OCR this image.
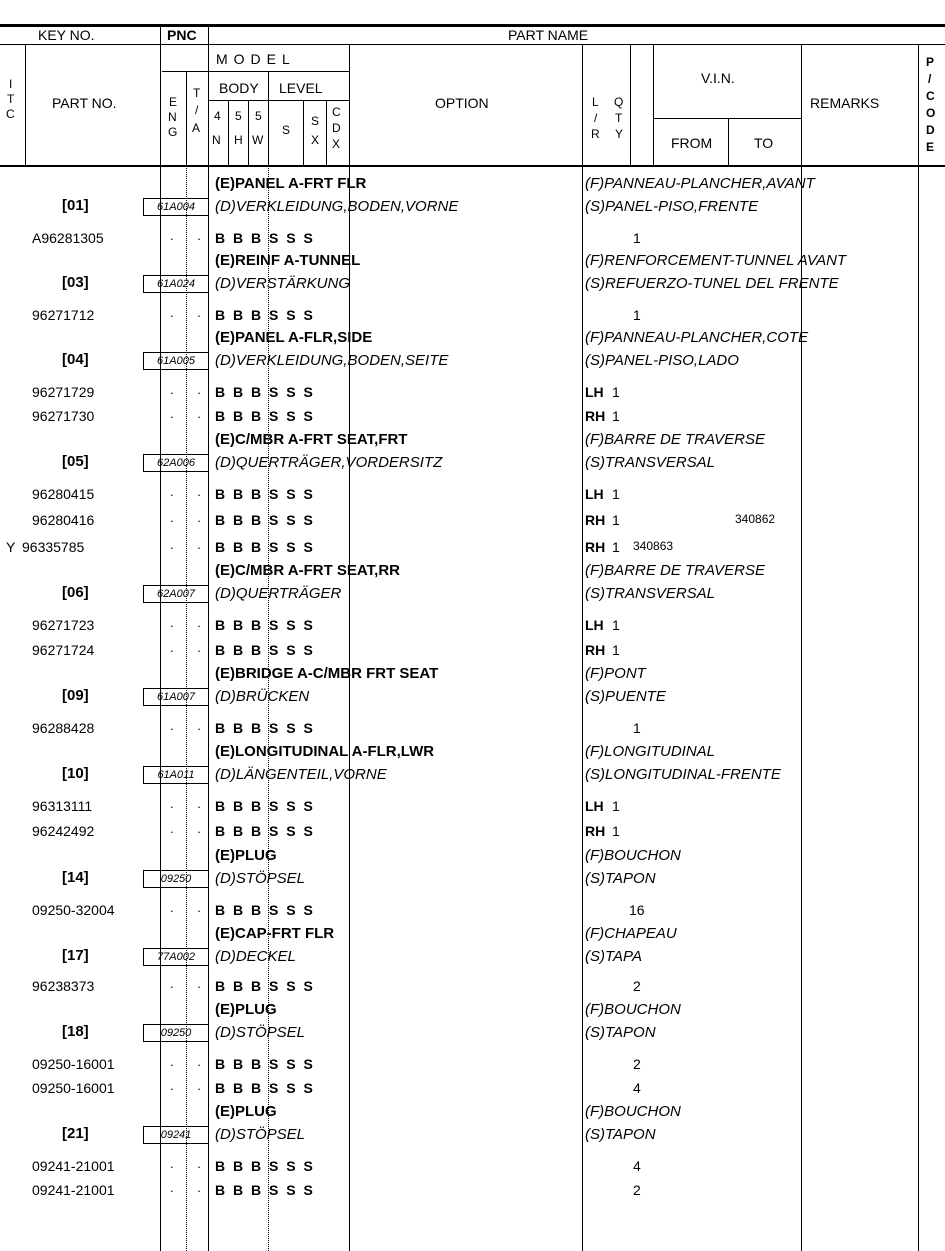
KEY NO.	PNC	PART NAME
I
T
C
PART NO.
MODEL
E
N
G
T
/
A
BODY LEVEL
4
N
5
H
5
W
S
S
X
C
D
X
OPTION	L
/
R
Q
T
Y
V.I.N.
FROM	TO
REMARKS
P
/
C
O
D
E
[01]	61A004
(E)PANEL A-FRT FLR
(D)VERKLEIDUNG,BODEN,VORNE
(F)PANNEAU-PLANCHER,AVANT
(S)PANEL-PISO,FRENTE
A96281305	. . B B B S S S	1
[03]	61A024
(E)REINF A-TUNNEL
(D)VERSTÄRKUNG
(F)RENFORCEMENT-TUNNEL AVANT
(S)REFUERZO-TUNEL DEL FRENTE
96271712	. . B B B S S S	1
[04]	61A005
(E)PANEL A-FLR,SIDE
(D)VERKLEIDUNG,BODEN,SEITE
(F)PANNEAU-PLANCHER,COTE
(S)PANEL-PISO,LADO
96271729	. . B B B S S S	LH 1
96271730	. . B B B S S S	RH 1
[05]	62A006
(E)C/MBR A-FRT SEAT,FRT
(D)QUERTRÄGER,VORDERSITZ
(F)BARRE DE TRAVERSE
(S)TRANSVERSAL
96280415	. . B B B S S S	LH 1
96280416	. . B B B S S S	RH 1	340862
Y 96335785	. . B B B S S S	RH 1 340863
[06]	62A007
(E)C/MBR A-FRT SEAT,RR
(D)QUERTRÄGER
(F)BARRE DE TRAVERSE
(S)TRANSVERSAL
96271723	. . B B B S S S	LH 1
96271724	. . B B B S S S	RH 1
[09]	61A007
(E)BRIDGE A-C/MBR FRT SEAT
(D)BRÜCKEN
(F)PONT
(S)PUENTE
96288428	. . B B B S S S	1
[10]	61A011
(E)LONGITUDINAL A-FLR,LWR
(D)LÄNGENTEIL,VORNE
(F)LONGITUDINAL
(S)LONGITUDINAL-FRENTE
96313111	. . B B B S S S	LH 1
96242492	. . B B B S S S	RH 1
[14]	09250
(E)PLUG
(D)STÖPSEL
(F)BOUCHON
(S)TAPON
09250-32004	. . B B B S S S	16
[17]	77A002
(E)CAP-FRT FLR
(D)DECKEL
(F)CHAPEAU
(S)TAPA
96238373	. . B B B S S S	2
[18]	09250
(E)PLUG
(D)STÖPSEL
(F)BOUCHON
(S)TAPON
09250-16001	. . B B B S S S	2
09250-16001	. . B B B S S S	4
[21]	09241
(E)PLUG
(D)STÖPSEL
(F)BOUCHON
(S)TAPON
09241-21001	. . B B B S S S	4
09241-21001	. . B B B S S S	2
